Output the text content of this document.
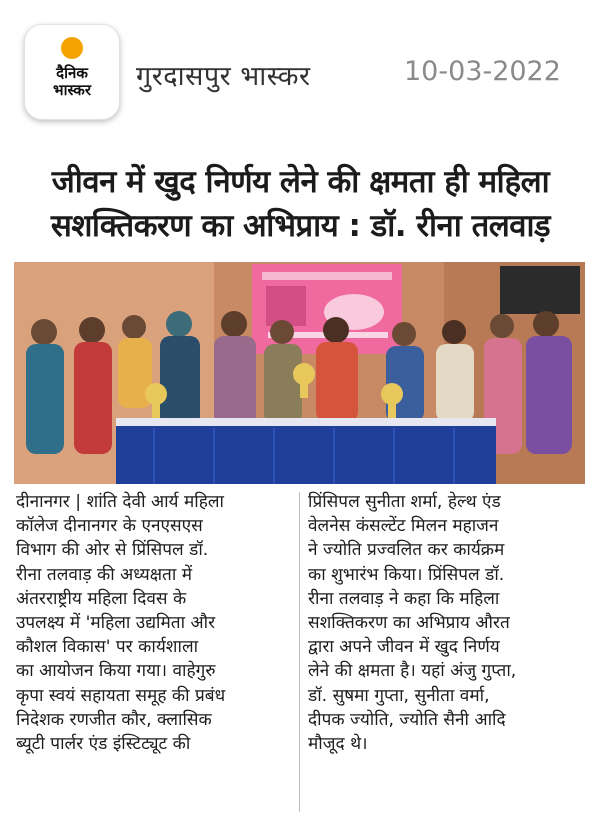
दैनिक
भास्कर	गुरदासपुर भास्कर	10-03-2022
जीवन में खुद निर्णय लेने की क्षमता ही महिला
सशक्तिकरण का अभिप्राय : डॉ. रीना तलवाड़

दीनानगर | शांति देवी आर्य महिला

कॉलेज दीनानगर के एनएसएस

विभाग की ओर से प्रिंसिपल डॉ.

रीना तलवाड़ की अध्यक्षता में

अंतरराष्ट्रीय महिला दिवस के

उपलक्ष्य में 'महिला उद्यमिता और

कौशल विकास' पर कार्यशाला

का आयोजन किया गया। वाहेगुरु

कृपा स्वयं सहायता समूह की प्रबंध

निदेशक रणजीत कौर, क्लासिक

ब्यूटी पार्लर एंड इंस्टिट्यूट की

प्रिंसिपल सुनीता शर्मा, हेल्थ एंड

वेलनेस कंसल्टेंट मिलन महाजन

ने ज्योति प्रज्वलित कर कार्यक्रम

का शुभारंभ किया। प्रिंसिपल डॉ.

रीना तलवाड़ ने कहा कि महिला

सशक्तिकरण का अभिप्राय औरत

द्वारा अपने जीवन में खुद निर्णय

लेने की क्षमता है। यहां अंजु गुप्ता,

डॉ. सुषमा गुप्ता, सुनीता वर्मा,

दीपक ज्योति, ज्योति सैनी आदि

मौजूद थे।
